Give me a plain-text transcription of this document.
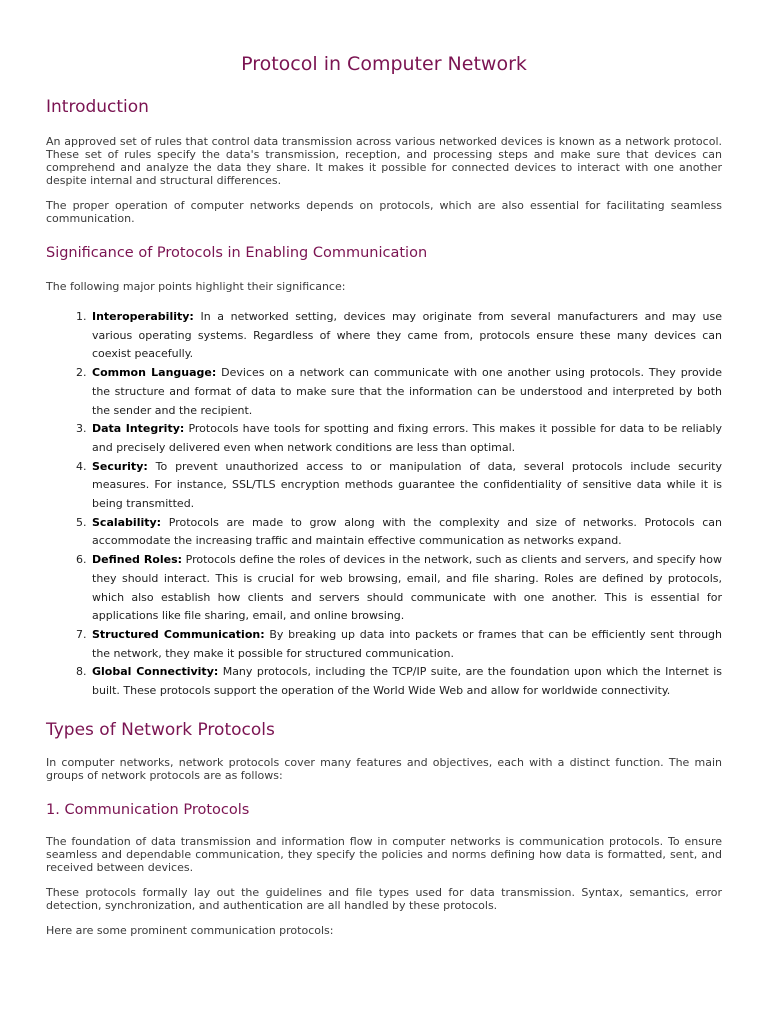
Protocol in Computer Network
Introduction

An approved set of rules that control data transmission across various networked devices is known as a network protocol. These set of rules specify the data's transmission, reception, and processing steps and make sure that devices can comprehend and analyze the data they share. It makes it possible for connected devices to interact with one another despite internal and structural differences.

The proper operation of computer networks depends on protocols, which are also essential for facilitating seamless communication.

Significance of Protocols in Enabling Communication

The following major points highlight their significance:

1. Interoperability: In a networked setting, devices may originate from several manufacturers and may use various operating systems. Regardless of where they came from, protocols ensure these many devices can coexist peacefully.
2. Common Language: Devices on a network can communicate with one another using protocols. They provide the structure and format of data to make sure that the information can be understood and interpreted by both the sender and the recipient.
3. Data Integrity: Protocols have tools for spotting and fixing errors. This makes it possible for data to be reliably and precisely delivered even when network conditions are less than optimal.
4. Security: To prevent unauthorized access to or manipulation of data, several protocols include security measures. For instance, SSL/TLS encryption methods guarantee the confidentiality of sensitive data while it is being transmitted.
5. Scalability: Protocols are made to grow along with the complexity and size of networks. Protocols can accommodate the increasing traffic and maintain effective communication as networks expand.
6. Defined Roles: Protocols define the roles of devices in the network, such as clients and servers, and specify how they should interact. This is crucial for web browsing, email, and file sharing. Roles are defined by protocols, which also establish how clients and servers should communicate with one another. This is essential for applications like file sharing, email, and online browsing.
7. Structured Communication: By breaking up data into packets or frames that can be efficiently sent through the network, they make it possible for structured communication.
8. Global Connectivity: Many protocols, including the TCP/IP suite, are the foundation upon which the Internet is built. These protocols support the operation of the World Wide Web and allow for worldwide connectivity.
Types of Network Protocols

In computer networks, network protocols cover many features and objectives, each with a distinct function. The main groups of network protocols are as follows:

1. Communication Protocols

The foundation of data transmission and information flow in computer networks is communication protocols. To ensure seamless and dependable communication, they specify the policies and norms defining how data is formatted, sent, and received between devices.

These protocols formally lay out the guidelines and file types used for data transmission. Syntax, semantics, error detection, synchronization, and authentication are all handled by these protocols.

Here are some prominent communication protocols:
